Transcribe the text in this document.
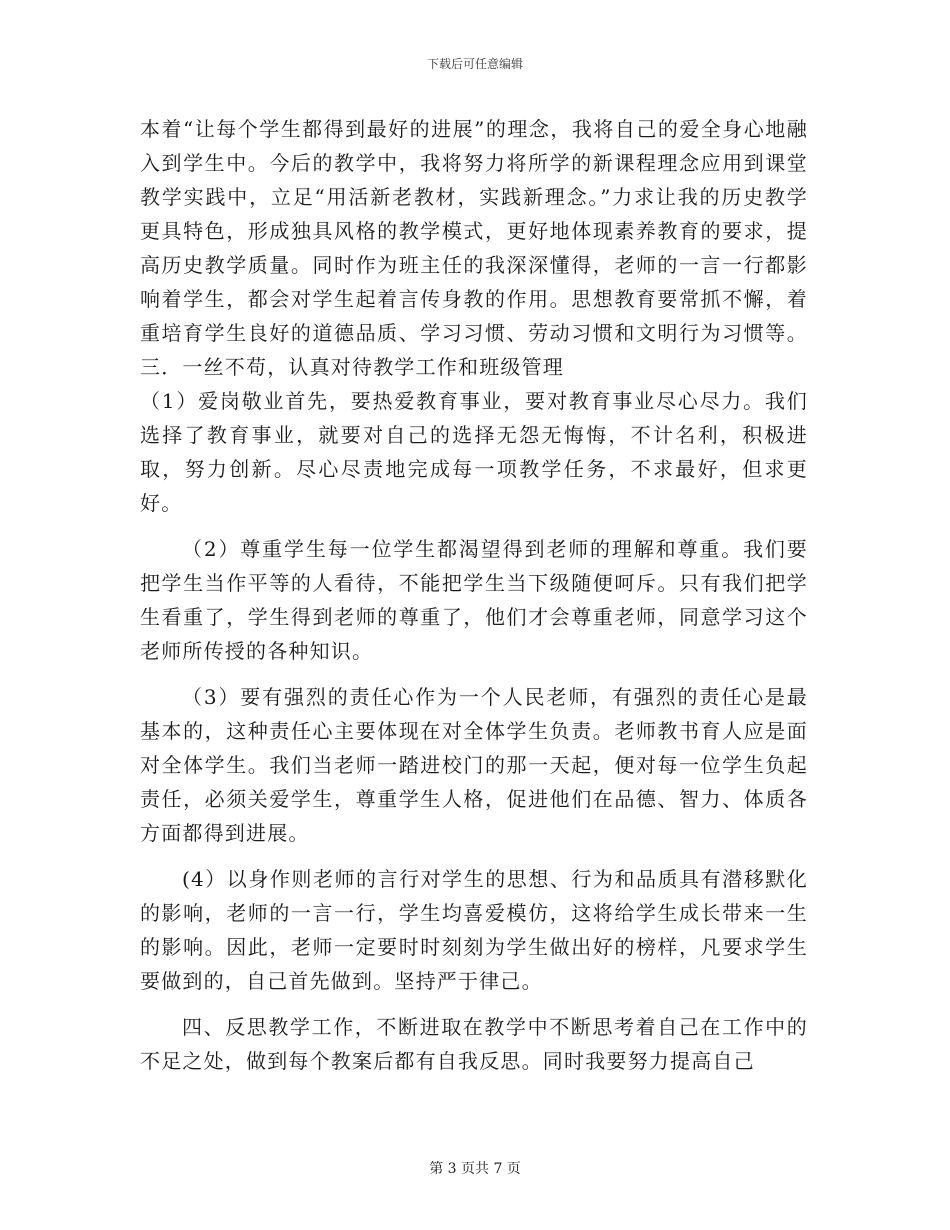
下载后可任意编辑

本着“让每个学生都得到最好的进展”的理念，我将自己的爱全身心地融入到学生中。今后的教学中，我将努力将所学的新课程理念应用到课堂教学实践中，立足“用活新老教材，实践新理念。”力求让我的历史教学更具特色，形成独具风格的教学模式，更好地体现素养教育的要求，提高历史教学质量。同时作为班主任的我深深懂得，老师的一言一行都影响着学生，都会对学生起着言传身教的作用。思想教育要常抓不懈，着重培育学生良好的道德品质、学习习惯、劳动习惯和文明行为习惯等。三．一丝不苟，认真对待教学工作和班级管理

（1）爱岗敬业首先，要热爱教育事业，要对教育事业尽心尽力。我们选择了教育事业，就要对自己的选择无怨无悔悔，不计名利，积极进取，努力创新。尽心尽责地完成每一项教学任务，不求最好，但求更好。

（2）尊重学生每一位学生都渴望得到老师的理解和尊重。我们要把学生当作平等的人看待，不能把学生当下级随便呵斥。只有我们把学生看重了，学生得到老师的尊重了，他们才会尊重老师，同意学习这个老师所传授的各种知识。

（3）要有强烈的责任心作为一个人民老师，有强烈的责任心是最基本的，这种责任心主要体现在对全体学生负责。老师教书育人应是面对全体学生。我们当老师一踏进校门的那一天起，便对每一位学生负起责任，必须关爱学生，尊重学生人格，促进他们在品德、智力、体质各方面都得到进展。

(4）以身作则老师的言行对学生的思想、行为和品质具有潜移默化的影响，老师的一言一行，学生均喜爱模仿，这将给学生成长带来一生的影响。因此，老师一定要时时刻刻为学生做出好的榜样，凡要求学生要做到的，自己首先做到。坚持严于律己。

四、反思教学工作，不断进取在教学中不断思考着自己在工作中的不足之处，做到每个教案后都有自我反思。同时我要努力提高自己

第 3 页共 7 页
